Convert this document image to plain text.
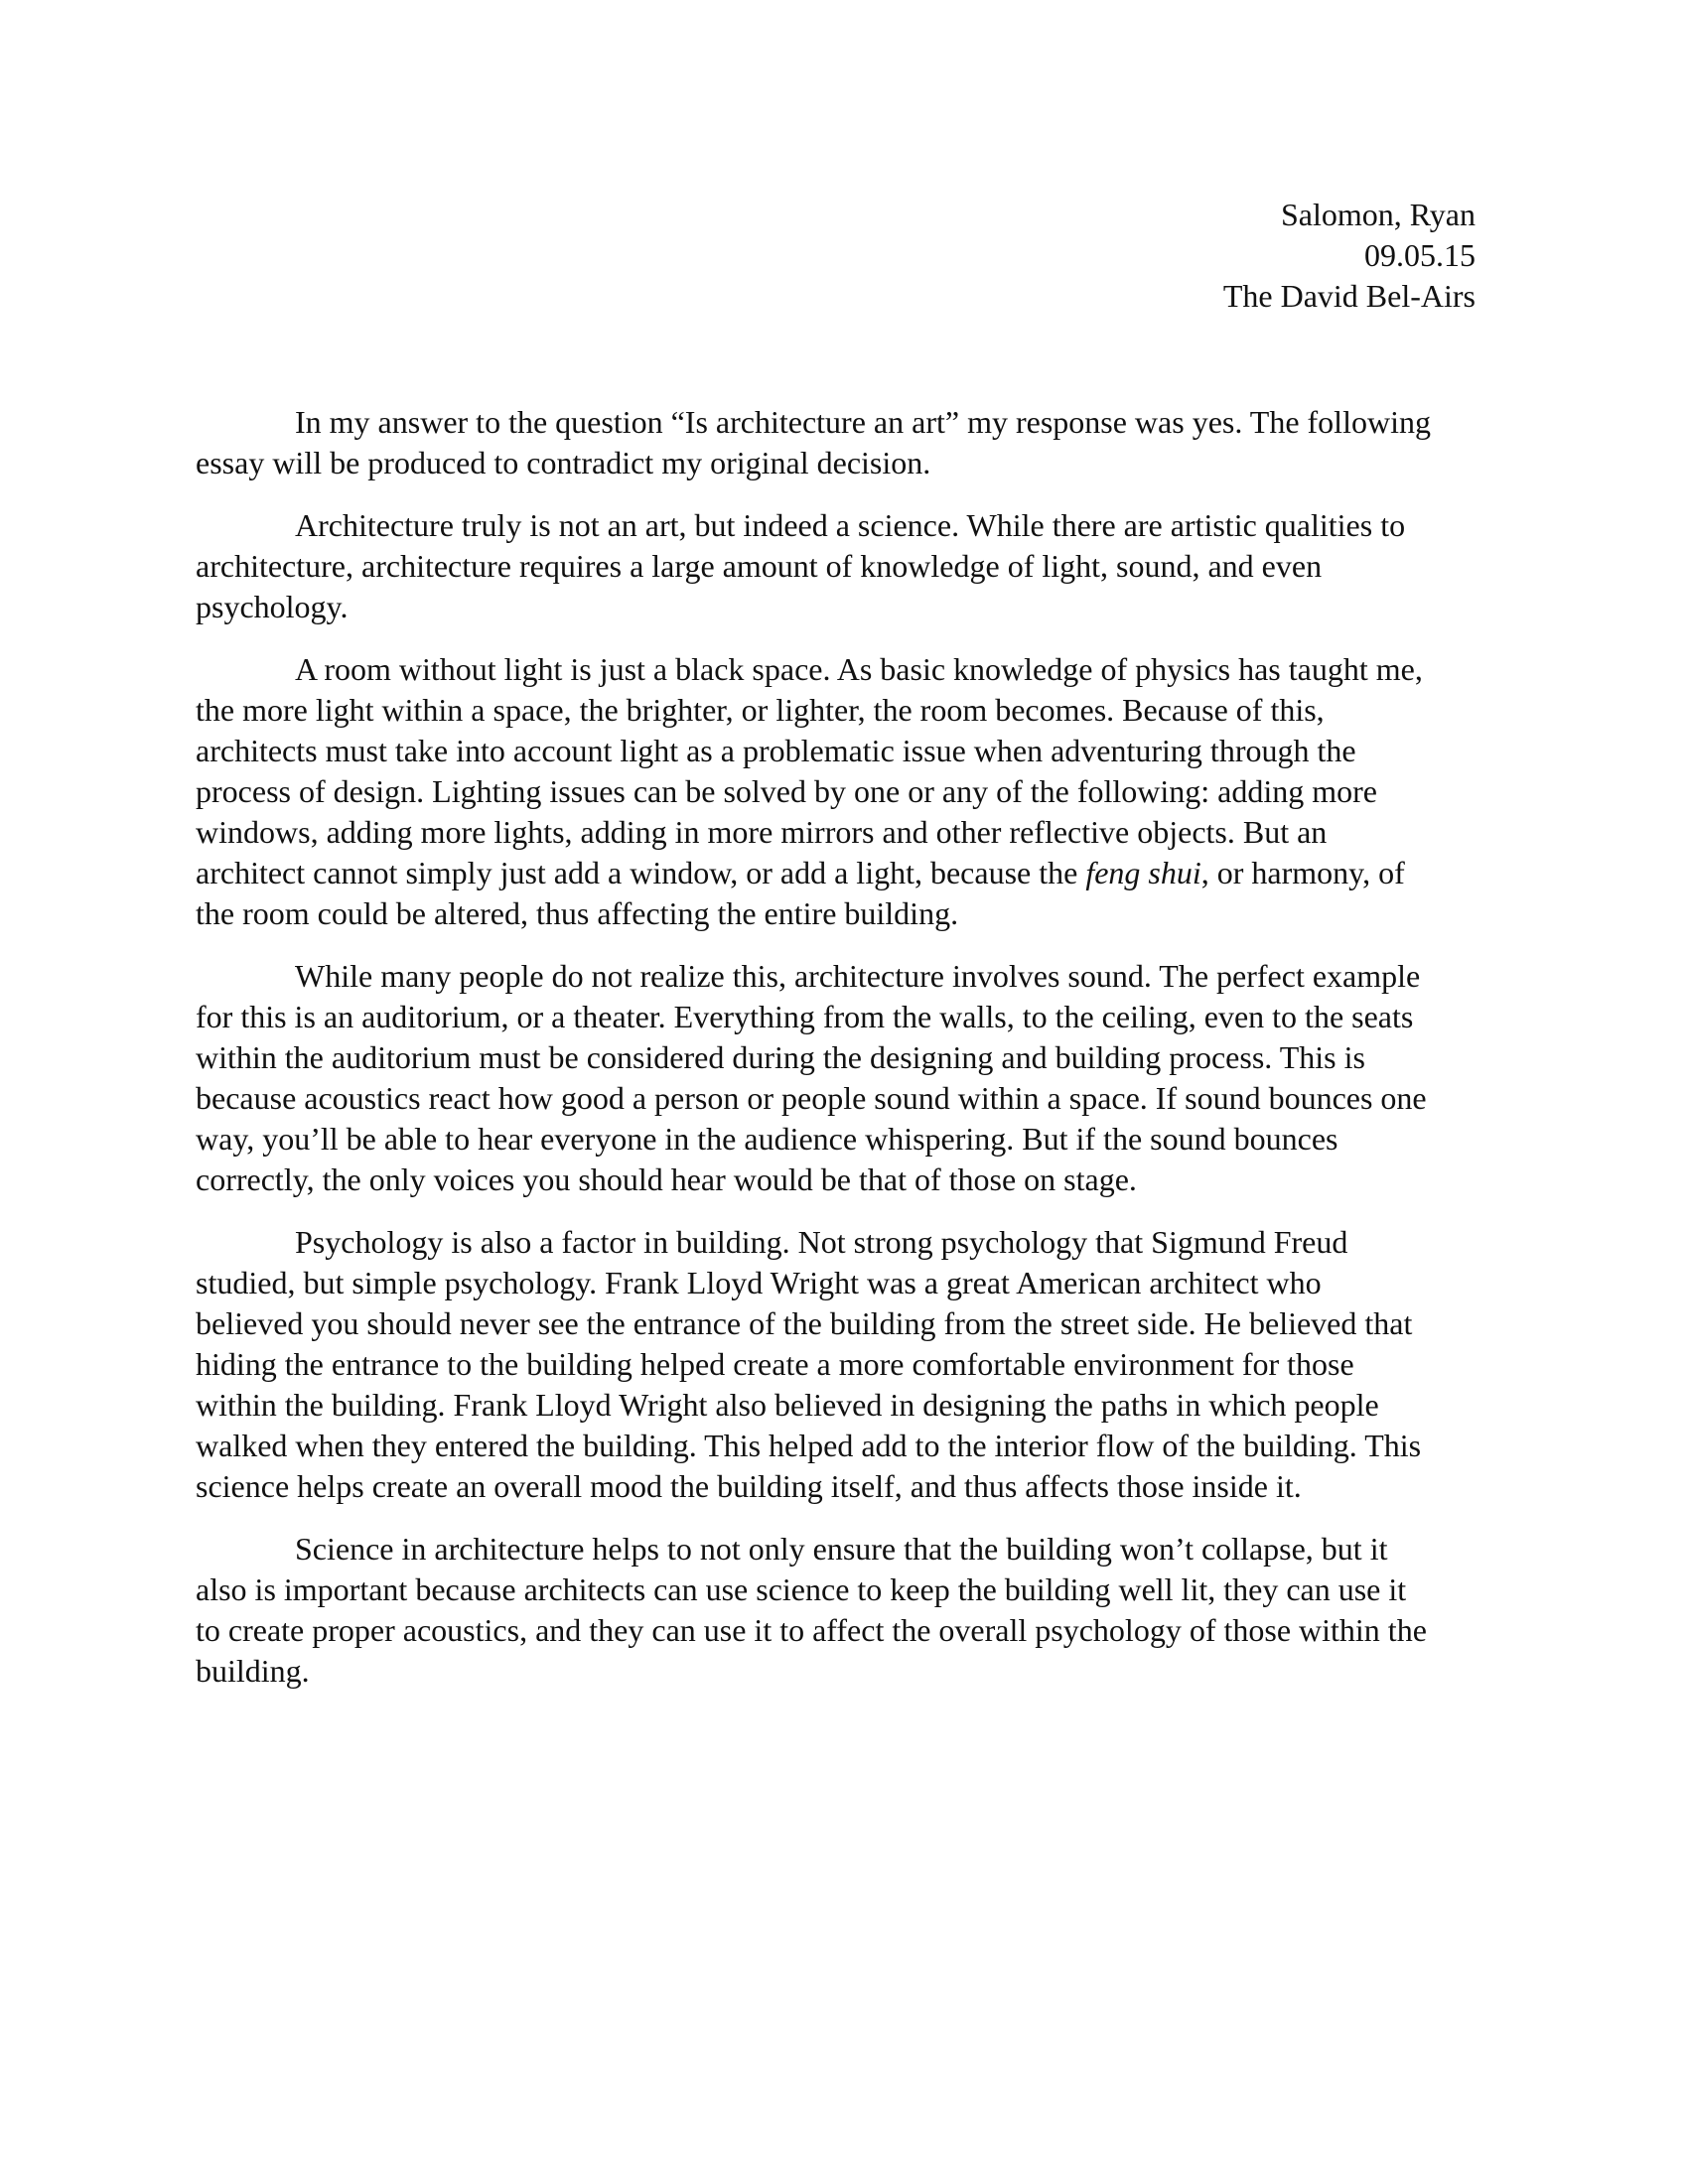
Salomon, Ryan
09.05.15
The David Bel-Airs
In my answer to the question “Is architecture an art” my response was yes. The following
essay will be produced to contradict my original decision.
Architecture truly is not an art, but indeed a science. While there are artistic qualities to
architecture, architecture requires a large amount of knowledge of light, sound, and even
psychology.
A room without light is just a black space. As basic knowledge of physics has taught me,
the more light within a space, the brighter, or lighter, the room becomes. Because of this,
architects must take into account light as a problematic issue when adventuring through the
process of design. Lighting issues can be solved by one or any of the following: adding more
windows, adding more lights, adding in more mirrors and other reflective objects. But an
architect cannot simply just add a window, or add a light, because the feng shui, or harmony, of
the room could be altered, thus affecting the entire building.
While many people do not realize this, architecture involves sound. The perfect example
for this is an auditorium, or a theater. Everything from the walls, to the ceiling, even to the seats
within the auditorium must be considered during the designing and building process. This is
because acoustics react how good a person or people sound within a space. If sound bounces one
way, you’ll be able to hear everyone in the audience whispering. But if the sound bounces
correctly, the only voices you should hear would be that of those on stage.
Psychology is also a factor in building. Not strong psychology that Sigmund Freud
studied, but simple psychology. Frank Lloyd Wright was a great American architect who
believed you should never see the entrance of the building from the street side. He believed that
hiding the entrance to the building helped create a more comfortable environment for those
within the building. Frank Lloyd Wright also believed in designing the paths in which people
walked when they entered the building. This helped add to the interior flow of the building. This
science helps create an overall mood the building itself, and thus affects those inside it.
Science in architecture helps to not only ensure that the building won’t collapse, but it
also is important because architects can use science to keep the building well lit, they can use it
to create proper acoustics, and they can use it to affect the overall psychology of those within the
building.
